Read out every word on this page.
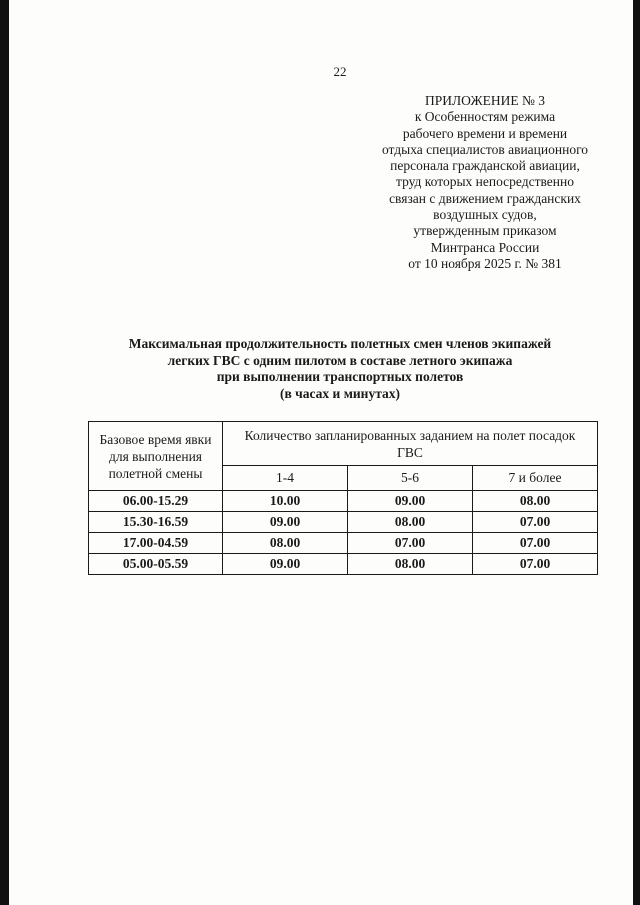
22
ПРИЛОЖЕНИЕ № 3
к Особенностям режима
рабочего времени и времени
отдыха специалистов авиационного
персонала гражданской авиации,
труд которых непосредственно
связан с движением гражданских
воздушных судов,
утвержденным приказом
Минтранса России
от 10 ноября 2025 г. № 381
Максимальная продолжительность полетных смен членов экипажей
легких ГВС с одним пилотом в составе летного экипажа
при выполнении транспортных полетов
(в часах и минутах)
Базовое время явки
для выполнения
полетной смены

Количество запланированных заданием на полет посадок
ГВС

	1-4	5-6	7 и более
06.00-15.29	10.00	09.00	08.00
15.30-16.59	09.00	08.00	07.00
17.00-04.59	08.00	07.00	07.00
05.00-05.59	09.00	08.00	07.00
